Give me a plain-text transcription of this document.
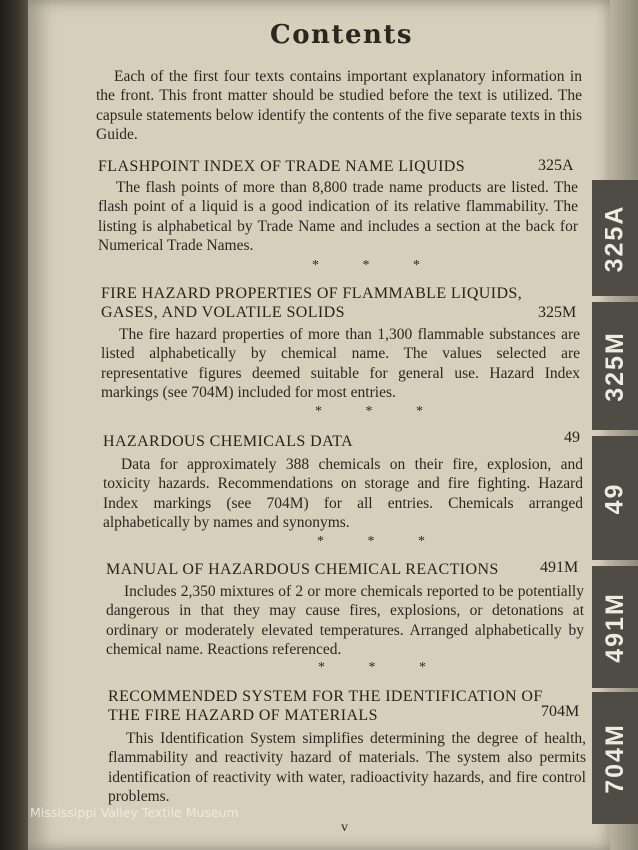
Contents
Each of the first four texts contains important explanatory information in the front. This front matter should be studied before the text is utilized. The capsule statements below identify the contents of the five separate texts in this Guide.
FLASHPOINT INDEX OF TRADE NAME LIQUIDS	325A
The flash points of more than 8,800 trade name products are listed. The flash point of a liquid is a good indication of its relative flammability. The listing is alphabetical by Trade Name and includes a section at the back for Numerical Trade Names.
* * *
FIRE HAZARD PROPERTIES OF FLAMMABLE LIQUIDS,
GASES, AND VOLATILE SOLIDS	325M
The fire hazard properties of more than 1,300 flammable substances are listed alphabetically by chemical name. The values selected are representative figures deemed suitable for general use. Hazard Index markings (see 704M) included for most entries.
* * *
HAZARDOUS CHEMICALS DATA	49
Data for approximately 388 chemicals on their fire, explosion, and toxicity hazards. Recommendations on storage and fire fighting. Hazard Index markings (see 704M) for all entries. Chemicals arranged alphabetically by names and synonyms.
* * *
MANUAL OF HAZARDOUS CHEMICAL REACTIONS	491M
Includes 2,350 mixtures of 2 or more chemicals reported to be potentially dangerous in that they may cause fires, explosions, or detonations at ordinary or moderately elevated temperatures. Arranged alphabetically by chemical name. Reactions referenced.
* * *
RECOMMENDED SYSTEM FOR THE IDENTIFICATION OF
THE FIRE HAZARD OF MATERIALS	704M
This Identification System simplifies determining the degree of health, flammability and reactivity hazard of materials. The system also permits identification of reactivity with water, radioactivity hazards, and fire control problems.
325A
325M
49
491M
704M
Mississippi Valley Textile Museum
v
